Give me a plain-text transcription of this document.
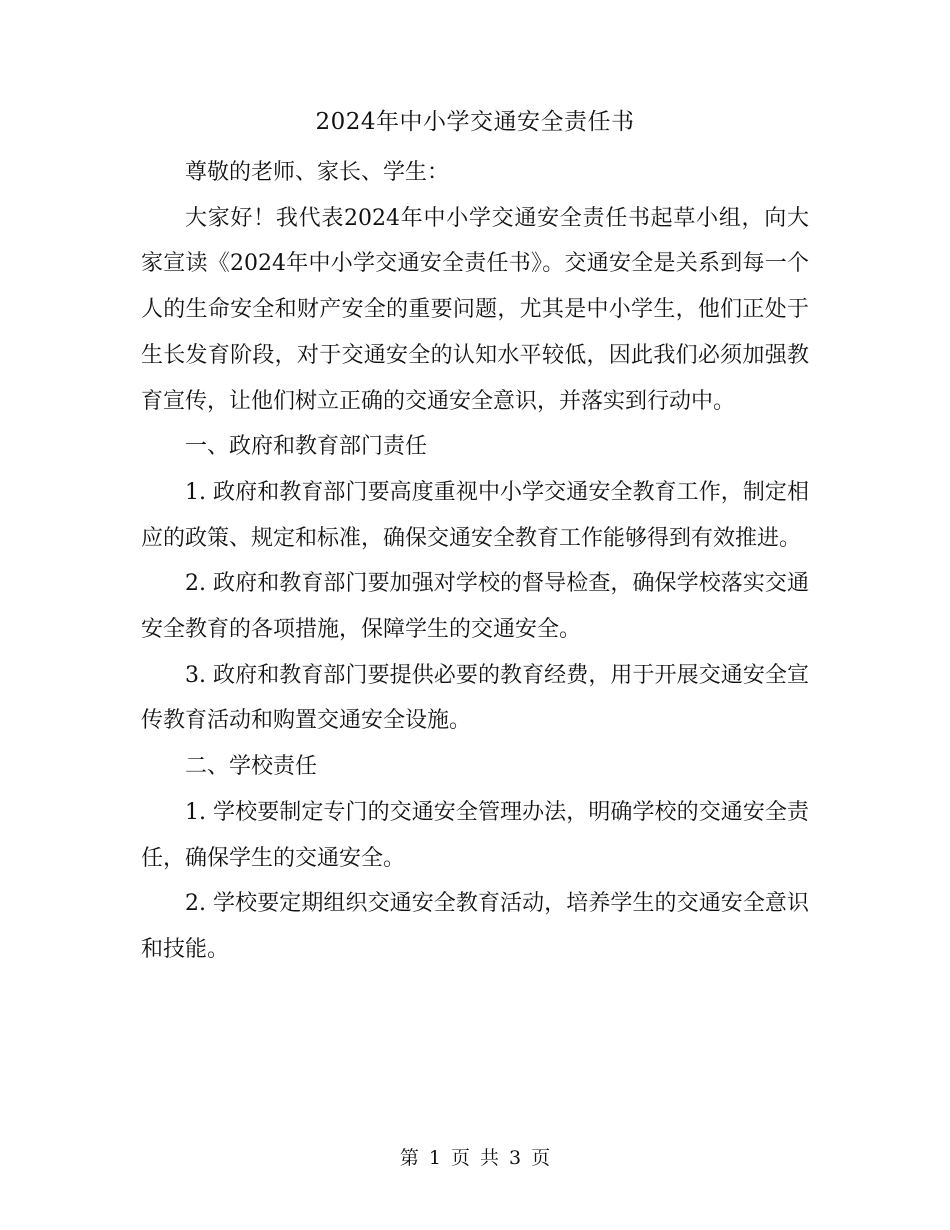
2024年中小学交通安全责任书

尊敬的老师、家长、学生：

大家好！我代表2024年中小学交通安全责任书起草小组，向大家宣读《2024年中小学交通安全责任书》。交通安全是关系到每一个人的生命安全和财产安全的重要问题，尤其是中小学生，他们正处于生长发育阶段，对于交通安全的认知水平较低，因此我们必须加强教育宣传，让他们树立正确的交通安全意识，并落实到行动中。

一、政府和教育部门责任

1. 政府和教育部门要高度重视中小学交通安全教育工作，制定相应的政策、规定和标准，确保交通安全教育工作能够得到有效推进。

2. 政府和教育部门要加强对学校的督导检查，确保学校落实交通安全教育的各项措施，保障学生的交通安全。

3. 政府和教育部门要提供必要的教育经费，用于开展交通安全宣传教育活动和购置交通安全设施。

二、学校责任

1. 学校要制定专门的交通安全管理办法，明确学校的交通安全责任，确保学生的交通安全。

2. 学校要定期组织交通安全教育活动，培养学生的交通安全意识和技能。

第 1 页 共 3 页
